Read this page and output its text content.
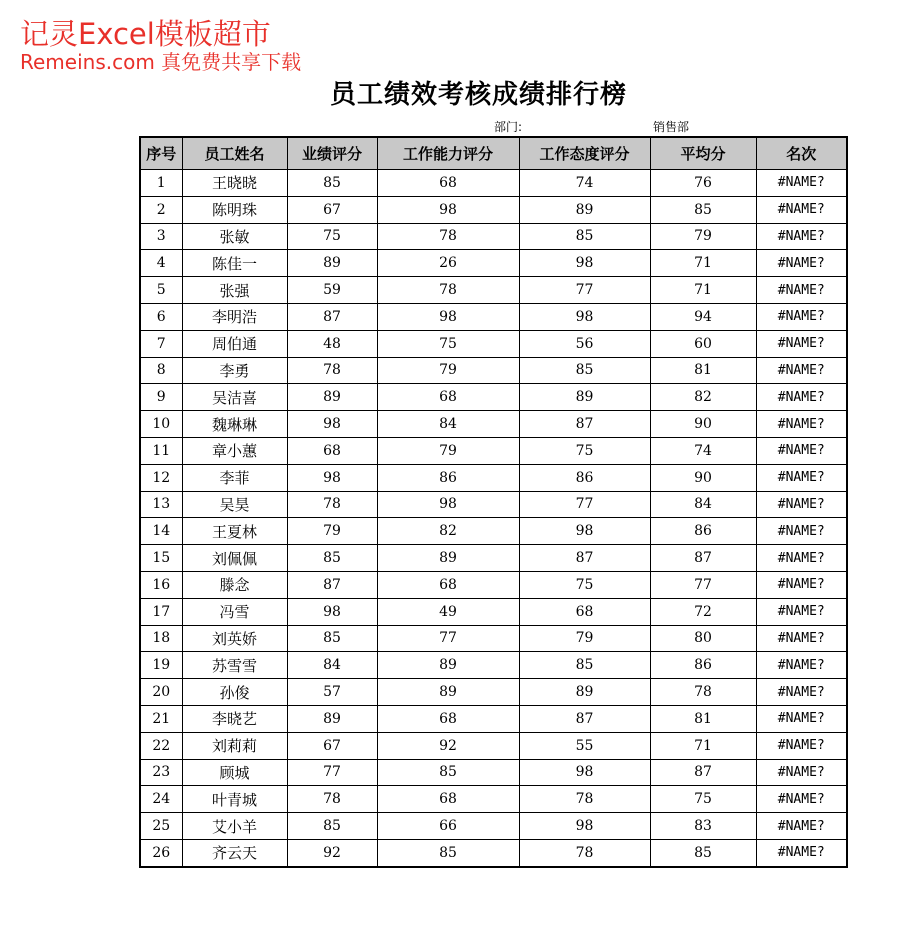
记灵Excel模板超市
Remeins.com 真免费共享下载
员工绩效考核成绩排行榜
部门:	销售部
序号	员工姓名	业绩评分	工作能力评分	工作态度评分	平均分	名次
1	王晓晓	85	68	74	76	#NAME?
2	陈明珠	67	98	89	85	#NAME?
3	张敏	75	78	85	79	#NAME?
4	陈佳一	89	26	98	71	#NAME?
5	张强	59	78	77	71	#NAME?
6	李明浩	87	98	98	94	#NAME?
7	周伯通	48	75	56	60	#NAME?
8	李勇	78	79	85	81	#NAME?
9	吴洁喜	89	68	89	82	#NAME?
10	魏琳琳	98	84	87	90	#NAME?
11	章小蕙	68	79	75	74	#NAME?
12	李菲	98	86	86	90	#NAME?
13	吴昊	78	98	77	84	#NAME?
14	王夏林	79	82	98	86	#NAME?
15	刘佩佩	85	89	87	87	#NAME?
16	滕念	87	68	75	77	#NAME?
17	冯雪	98	49	68	72	#NAME?
18	刘英娇	85	77	79	80	#NAME?
19	苏雪雪	84	89	85	86	#NAME?
20	孙俊	57	89	89	78	#NAME?
21	李晓艺	89	68	87	81	#NAME?
22	刘莉莉	67	92	55	71	#NAME?
23	顾城	77	85	98	87	#NAME?
24	叶青城	78	68	78	75	#NAME?
25	艾小羊	85	66	98	83	#NAME?
26	齐云天	92	85	78	85	#NAME?
